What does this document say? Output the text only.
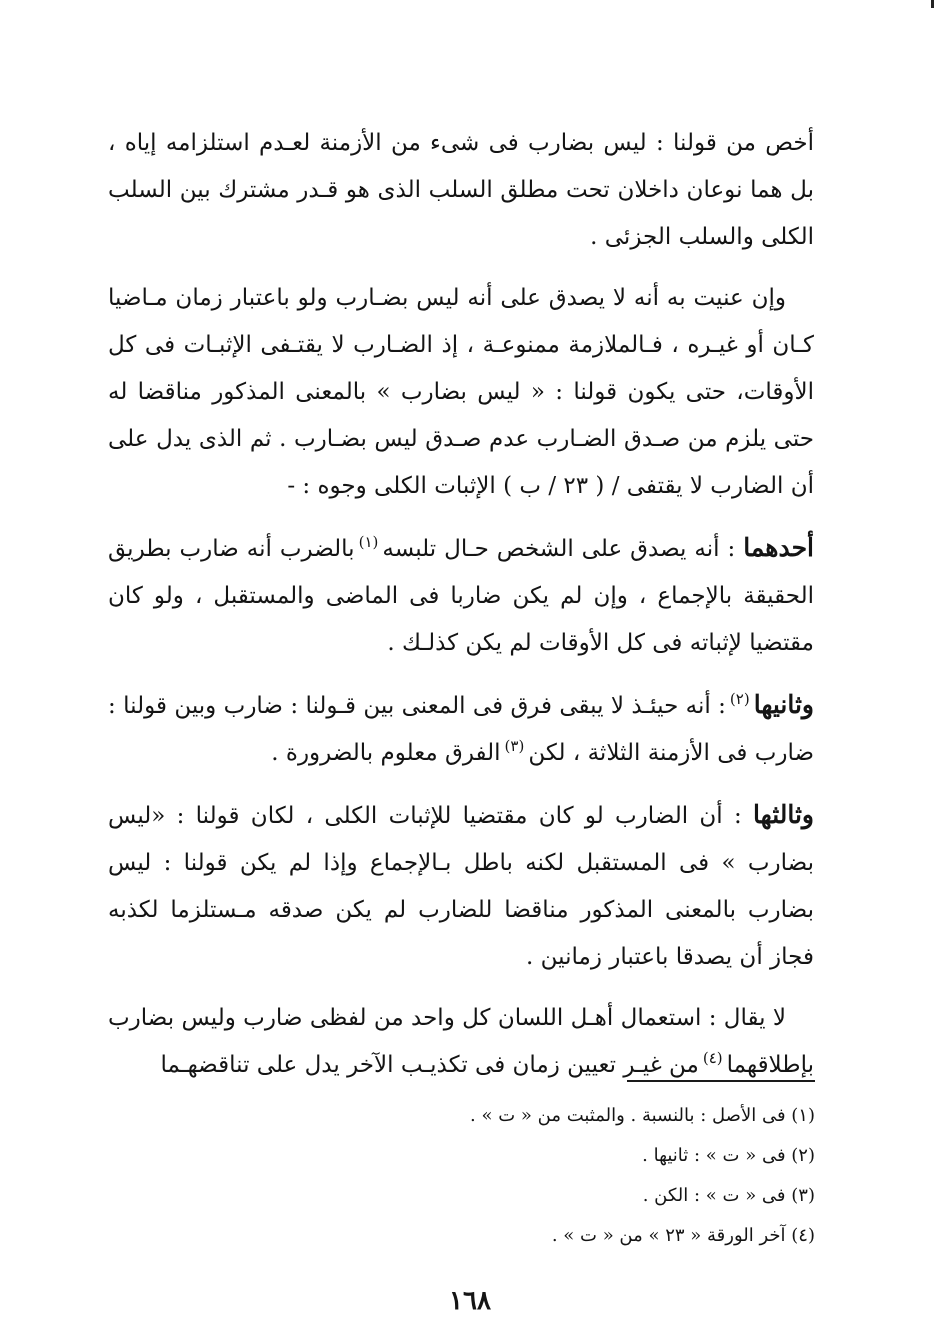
أخص من قولنا : ليس بضارب فى شىء من الأزمنة لعـدم استلزامه إياه ، بل هما نوعان داخلان تحت مطلق السلب الذى هو قـدر مشترك بين السلب الكلى والسلب الجزئى .

وإن عنيت به أنه لا يصدق على أنه ليس بضـارب ولو باعتبار زمان مـاضيا كـان أو غيـره ، فـالملازمة ممنوعـة ، إذ الضـارب لا يقتـفى الإثبـات فى كل الأوقات، حتى يكون قولنا : « ليس بضارب » بالمعنى المذكور مناقضا له حتى يلزم من صـدق الضـارب عدم صـدق ليس بضـارب . ثم الذى يدل على أن الضارب لا يقتفى / ( ٢٣ / ب ) الإثبات الكلى وجوه : -

أحدهما : أنه يصدق على الشخص حـال تلبسه$^{(١)}$بالضرب أنه ضارب بطريق الحقيقة بالإجماع ، وإن لم يكن ضاربا فى الماضى والمستقبل ، ولو كان مقتضيا لإثباته فى كل الأوقات لم يكن كذلـك .

وثانيها$^{(٢)}$: أنه حيئـذ لا يبقى فرق فى المعنى بين قـولنا : ضارب وبين قولنا : ضارب فى الأزمنة الثلاثة ، لكن$^{(٣)}$الفرق معلوم بالضرورة .

وثالثها : أن الضارب لو كان مقتضيا للإثبات الكلى ، لكان قولنا : «ليس بضارب » فى المستقبل لكنه باطل بـالإجماع وإذا لم يكن قولنا : ليس بضارب بالمعنى المذكور مناقضا للضارب لم يكن صدقه مـستلزما لكذبه فجاز أن يصدقا باعتبار زمانين .

لا يقال : استعمال أهـل اللسان كل واحد من لفظى ضارب وليس بضارب بإطلاقهما$^{(٤)}$من غيـر تعيين زمان فى تكذيـب الآخر يدل على تناقضهـما

(١) فى الأصل : بالنسبة . والمثبت من « ت » .

(٢) فى « ت » : ثانيها .

(٣) فى « ت » : الكن .

(٤) آخر الورقة « ٢٣ » من « ت » .

١٦٨
